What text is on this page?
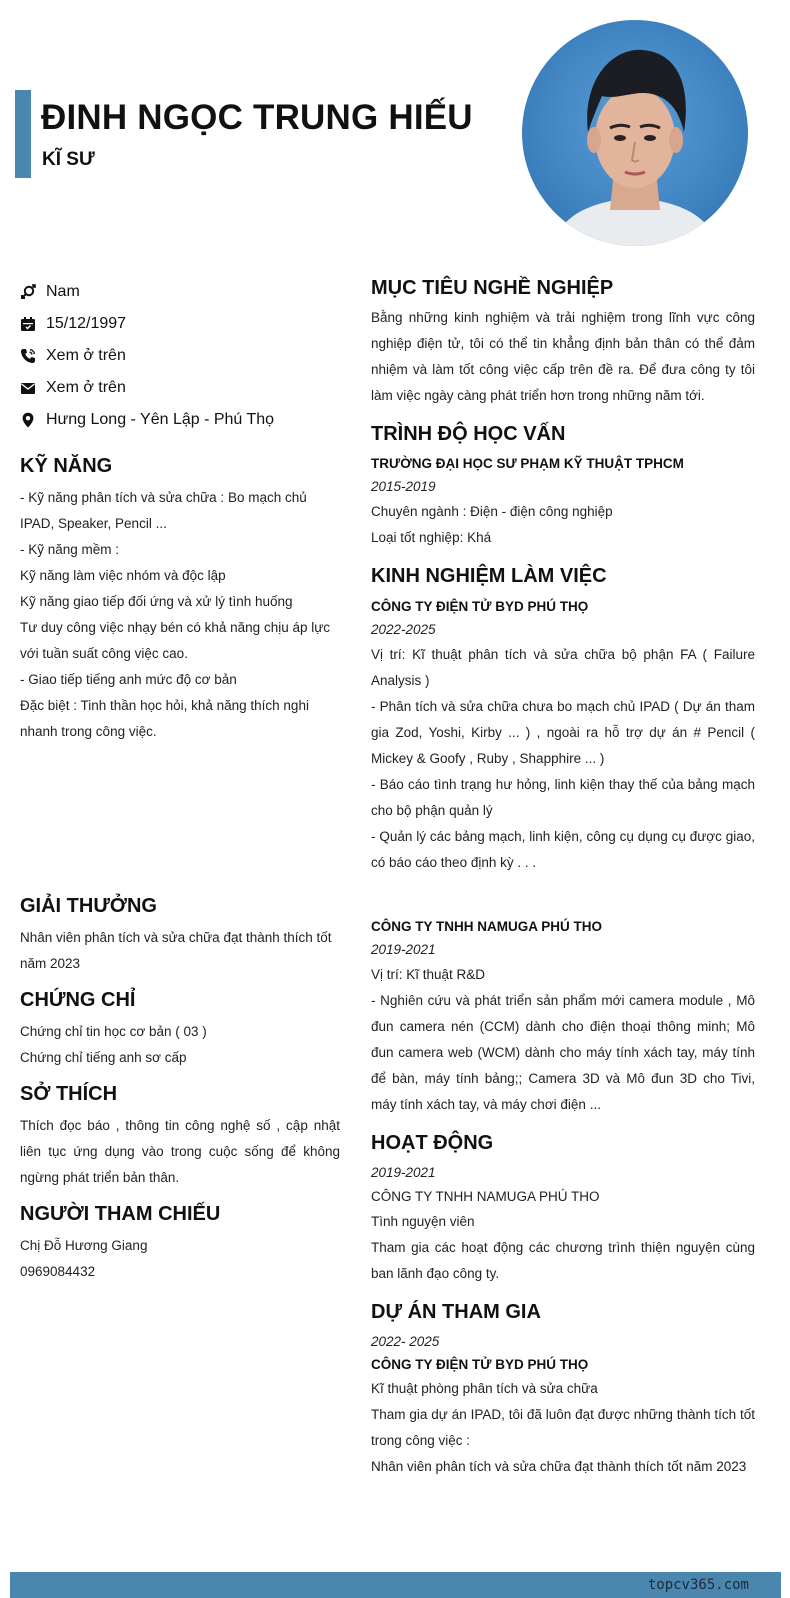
ĐINH NGỌC TRUNG HIẾU
KĨ SƯ
Nam
15/12/1997
Xem ở trên
Xem ở trên
Hưng Long - Yên Lập - Phú Thọ
KỸ NĂNG
- Kỹ năng phân tích và sửa chữa : Bo mạch chủ IPAD, Speaker, Pencil ...
- Kỹ năng mềm :
Kỹ năng làm việc nhóm và độc lập
Kỹ năng giao tiếp đối ứng và xử lý tình huống
Tư duy công việc nhạy bén có khả năng chịu áp lực với tuần suất công việc cao.
- Giao tiếp tiếng anh mức độ cơ bản
Đặc biệt : Tinh thần học hỏi, khả năng thích nghi nhanh trong công việc.
GIẢI THƯỞNG
Nhân viên phân tích và sửa chữa đạt thành thích tốt năm 2023
CHỨNG CHỈ
Chứng chỉ tin học cơ bản ( 03 )
Chứng chỉ tiếng anh sơ cấp
SỞ THÍCH
Thích đọc báo , thông tin công nghệ số , cập nhật liên tục ứng dụng vào trong cuộc sống để không ngừng phát triển bản thân.
NGƯỜI THAM CHIẾU
Chị Đỗ Hương Giang
0969084432
MỤC TIÊU NGHỀ NGHIỆP
Bằng những kinh nghiệm và trải nghiệm trong lĩnh vực công nghiệp điện tử, tôi có thể tin khẳng định bản thân có thể đảm nhiệm và làm tốt công việc cấp trên đề ra. Để đưa công ty tôi làm việc ngày càng phát triển hơn trong những năm tới.
TRÌNH ĐỘ HỌC VẤN
TRƯỜNG ĐẠI HỌC SƯ PHẠM KỸ THUẬT TPHCM
2015-2019
Chuyên ngành : Điện - điện công nghiệp
Loại tốt nghiệp: Khá
KINH NGHIỆM LÀM VIỆC
CÔNG TY ĐIỆN TỬ BYD PHÚ THỌ
2022-2025
Vị trí: Kĩ thuật phân tích và sửa chữa bộ phận FA ( Failure Analysis )
- Phân tích và sửa chữa chưa bo mạch chủ IPAD ( Dự án tham gia Zod, Yoshi, Kirby ... ) , ngoài ra hỗ trợ dự án # Pencil ( Mickey & Goofy , Ruby , Shapphire ... )
- Báo cáo tình trạng hư hỏng, linh kiện thay thế của bảng mạch cho bộ phận quản lý
- Quản lý các bảng mạch, linh kiện, công cụ dụng cụ được giao, có báo cáo theo định kỳ . . .
CÔNG TY TNHH NAMUGA PHÚ THO
2019-2021
Vị trí: Kĩ thuật R&D
- Nghiên cứu và phát triển sản phẩm mới camera module , Mô đun camera nén (CCM) dành cho điện thoại thông minh; Mô đun camera web (WCM) dành cho máy tính xách tay, máy tính để bàn, máy tính bảng;; Camera 3D và Mô đun 3D cho Tivi, máy tính xách tay, và máy chơi điện ...
HOẠT ĐỘNG
2019-2021
CÔNG TY TNHH NAMUGA PHÚ THO
Tình nguyện viên
Tham gia các hoạt động các chương trình thiện nguyện cùng ban lãnh đạo công ty.
DỰ ÁN THAM GIA
2022- 2025
CÔNG TY ĐIỆN TỬ BYD PHÚ THỌ
Kĩ thuật phòng phân tích và sửa chữa
Tham gia dự án IPAD, tôi đã luôn đạt được những thành tích tốt trong công việc :
Nhân viên phân tích và sửa chữa đạt thành thích tốt năm 2023
topcv365.com
